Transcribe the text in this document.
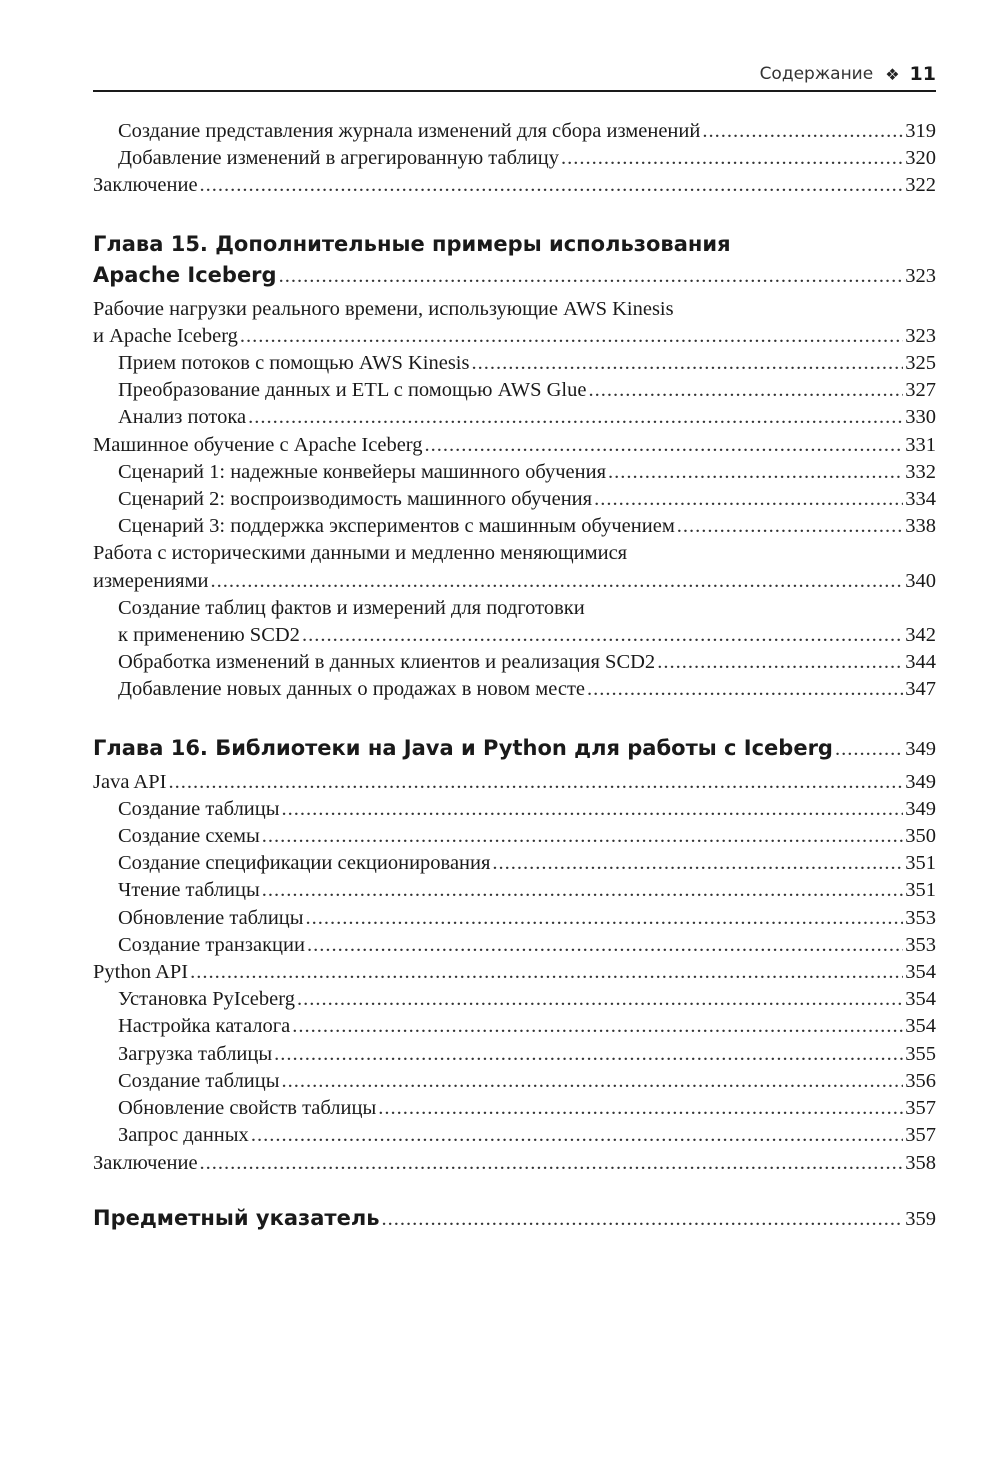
Содержание ❖ 11
Создание представления журнала изменений для сбора изменений .....	319
Добавление изменений в агрегированную таблицу .....	320
Заключение .....	322
Глава 15. Дополнительные примеры использования
Apache Iceberg .....	323
Рабочие нагрузки реального времени, использующие AWS Kinesis
и Apache Iceberg .....	323
Прием потоков с помощью AWS Kinesis .....	325
Преобразование данных и ETL с помощью AWS Glue .....	327
Анализ потока .....	330
Машинное обучение с Apache Iceberg .....	331
Сценарий 1: надежные конвейеры машинного обучения .....	332
Сценарий 2: воспроизводимость машинного обучения .....	334
Сценарий 3: поддержка экспериментов с машинным обучением .....	338
Работа с историческими данными и медленно меняющимися
измерениями .....	340
Создание таблиц фактов и измерений для подготовки
к применению SCD2 .....	342
Обработка изменений в данных клиентов и реализация SCD2 .....	344
Добавление новых данных о продажах в новом месте .....	347
Глава 16. Библиотеки на Java и Python для работы с Iceberg .....	349
Java API .....	349
Создание таблицы .....	349
Создание схемы .....	350
Создание спецификации секционирования .....	351
Чтение таблицы .....	351
Обновление таблицы .....	353
Создание транзакции .....	353
Python API .....	354
Установка PyIceberg .....	354
Настройка каталога .....	354
Загрузка таблицы .....	355
Создание таблицы .....	356
Обновление свойств таблицы .....	357
Запрос данных .....	357
Заключение .....	358
Предметный указатель .....	359
